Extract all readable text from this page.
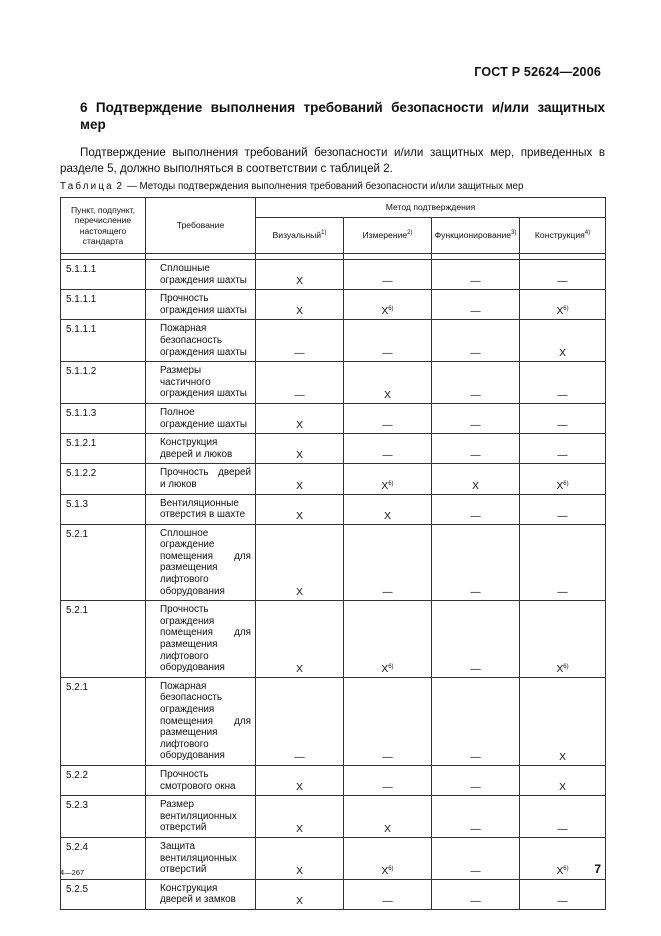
ГОСТ Р 52624—2006
6 Подтверждение выполнения требований безопасности и/или защитных мер
Подтверждение выполнения требований безопасности и/или защитных мер, приведенных в разделе 5, должно выполняться в соответствии с таблицей 2.
Таблица 2 — Методы подтверждения выполнения требований безопасности и/или защитных мер
Пункт, подпункт, перечисление настоящего стандарта	Требование	Метод подтверждения			
		Визуальный$^{1)}$	Измерение$^{2)}$	Функционирование$^{3)}$	Конструкция$^{4)}$

5.1.1.1	Сплошные ограждения шахты	X	—	—	—
5.1.1.1	Прочность ограждения шахты	X	$X^{6)}$	—	$X^{6)}$
5.1.1.1	Пожарная безопасность ограждения шахты	—	—	—	X
5.1.1.2	Размеры частичного ограждения шахты	—	X	—	—
5.1.1.3	Полное ограждение шахты	X	—	—	—
5.1.2.1	Конструкция дверей и люков	X	—	—	—
5.1.2.2	Прочность дверей и люков	X	$X^{6)}$	X	$X^{6)}$
5.1.3	Вентиляционные отверстия в шахте	X	X	—	—
5.2.1	Сплошное ограждение помещения для размещения лифтового оборудования	X	—	—	—
5.2.1	Прочность ограждения помещения для размещения лифтового оборудования	X	$X^{6)}$	—	$X^{6)}$
5.2.1	Пожарная безопасность ограждения помещения для размещения лифтового оборудования	—	—	—	X
5.2.2	Прочность смотрового окна	X	—	—	X
5.2.3	Размер вентиляционных отверстий	X	X	—	—
5.2.4	Защита вентиляционных отверстий	X	$X^{6)}$	—	$X^{6)}$
5.2.5	Конструкция дверей и замков	X	—	—	—
4—267	7
